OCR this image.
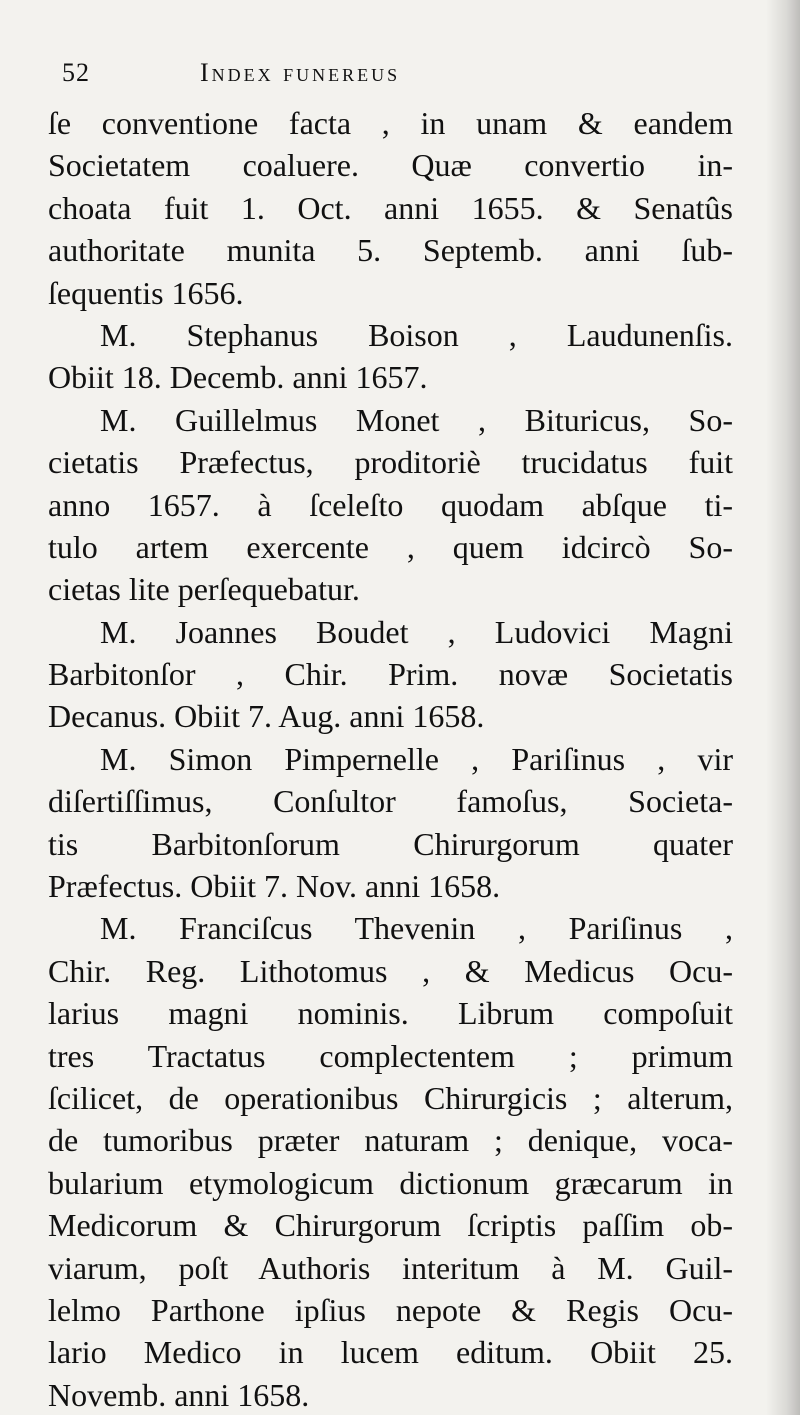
52	Index funereus
ſe conventione facta , in unam & eandem
Societatem coaluere. Quæ convertio in-
choata fuit 1. Oct. anni 1655. & Senatûs
authoritate munita 5. Septemb. anni ſub-
ſequentis 1656.
M. Stephanus Boison , Laudunenſis.
Obiit 18. Decemb. anni 1657.
M. Guillelmus Monet , Bituricus, So-
cietatis Præfectus, proditoriè trucidatus fuit
anno 1657. à ſceleſto quodam abſque ti-
tulo artem exercente , quem idcircò So-
cietas lite perſequebatur.
M. Joannes Boudet , Ludovici Magni
Barbitonſor , Chir. Prim. novæ Societatis
Decanus. Obiit 7. Aug. anni 1658.
M. Simon Pimpernelle , Pariſinus , vir
diſertiſſimus, Conſultor famoſus, Societa-
tis Barbitonſorum Chirurgorum quater
Præfectus. Obiit 7. Nov. anni 1658.
M. Franciſcus Thevenin , Pariſinus ,
Chir. Reg. Lithotomus , & Medicus Ocu-
larius magni nominis. Librum compoſuit
tres Tractatus complectentem ; primum
ſcilicet, de operationibus Chirurgicis ; alterum,
de tumoribus præter naturam ; denique, voca-
bularium etymologicum dictionum græcarum in
Medicorum & Chirurgorum ſcriptis paſſim ob-
viarum, poſt Authoris interitum à M. Guil-
lelmo Parthone ipſius nepote & Regis Ocu-
lario Medico in lucem editum. Obiit 25.
Novemb. anni 1658.
